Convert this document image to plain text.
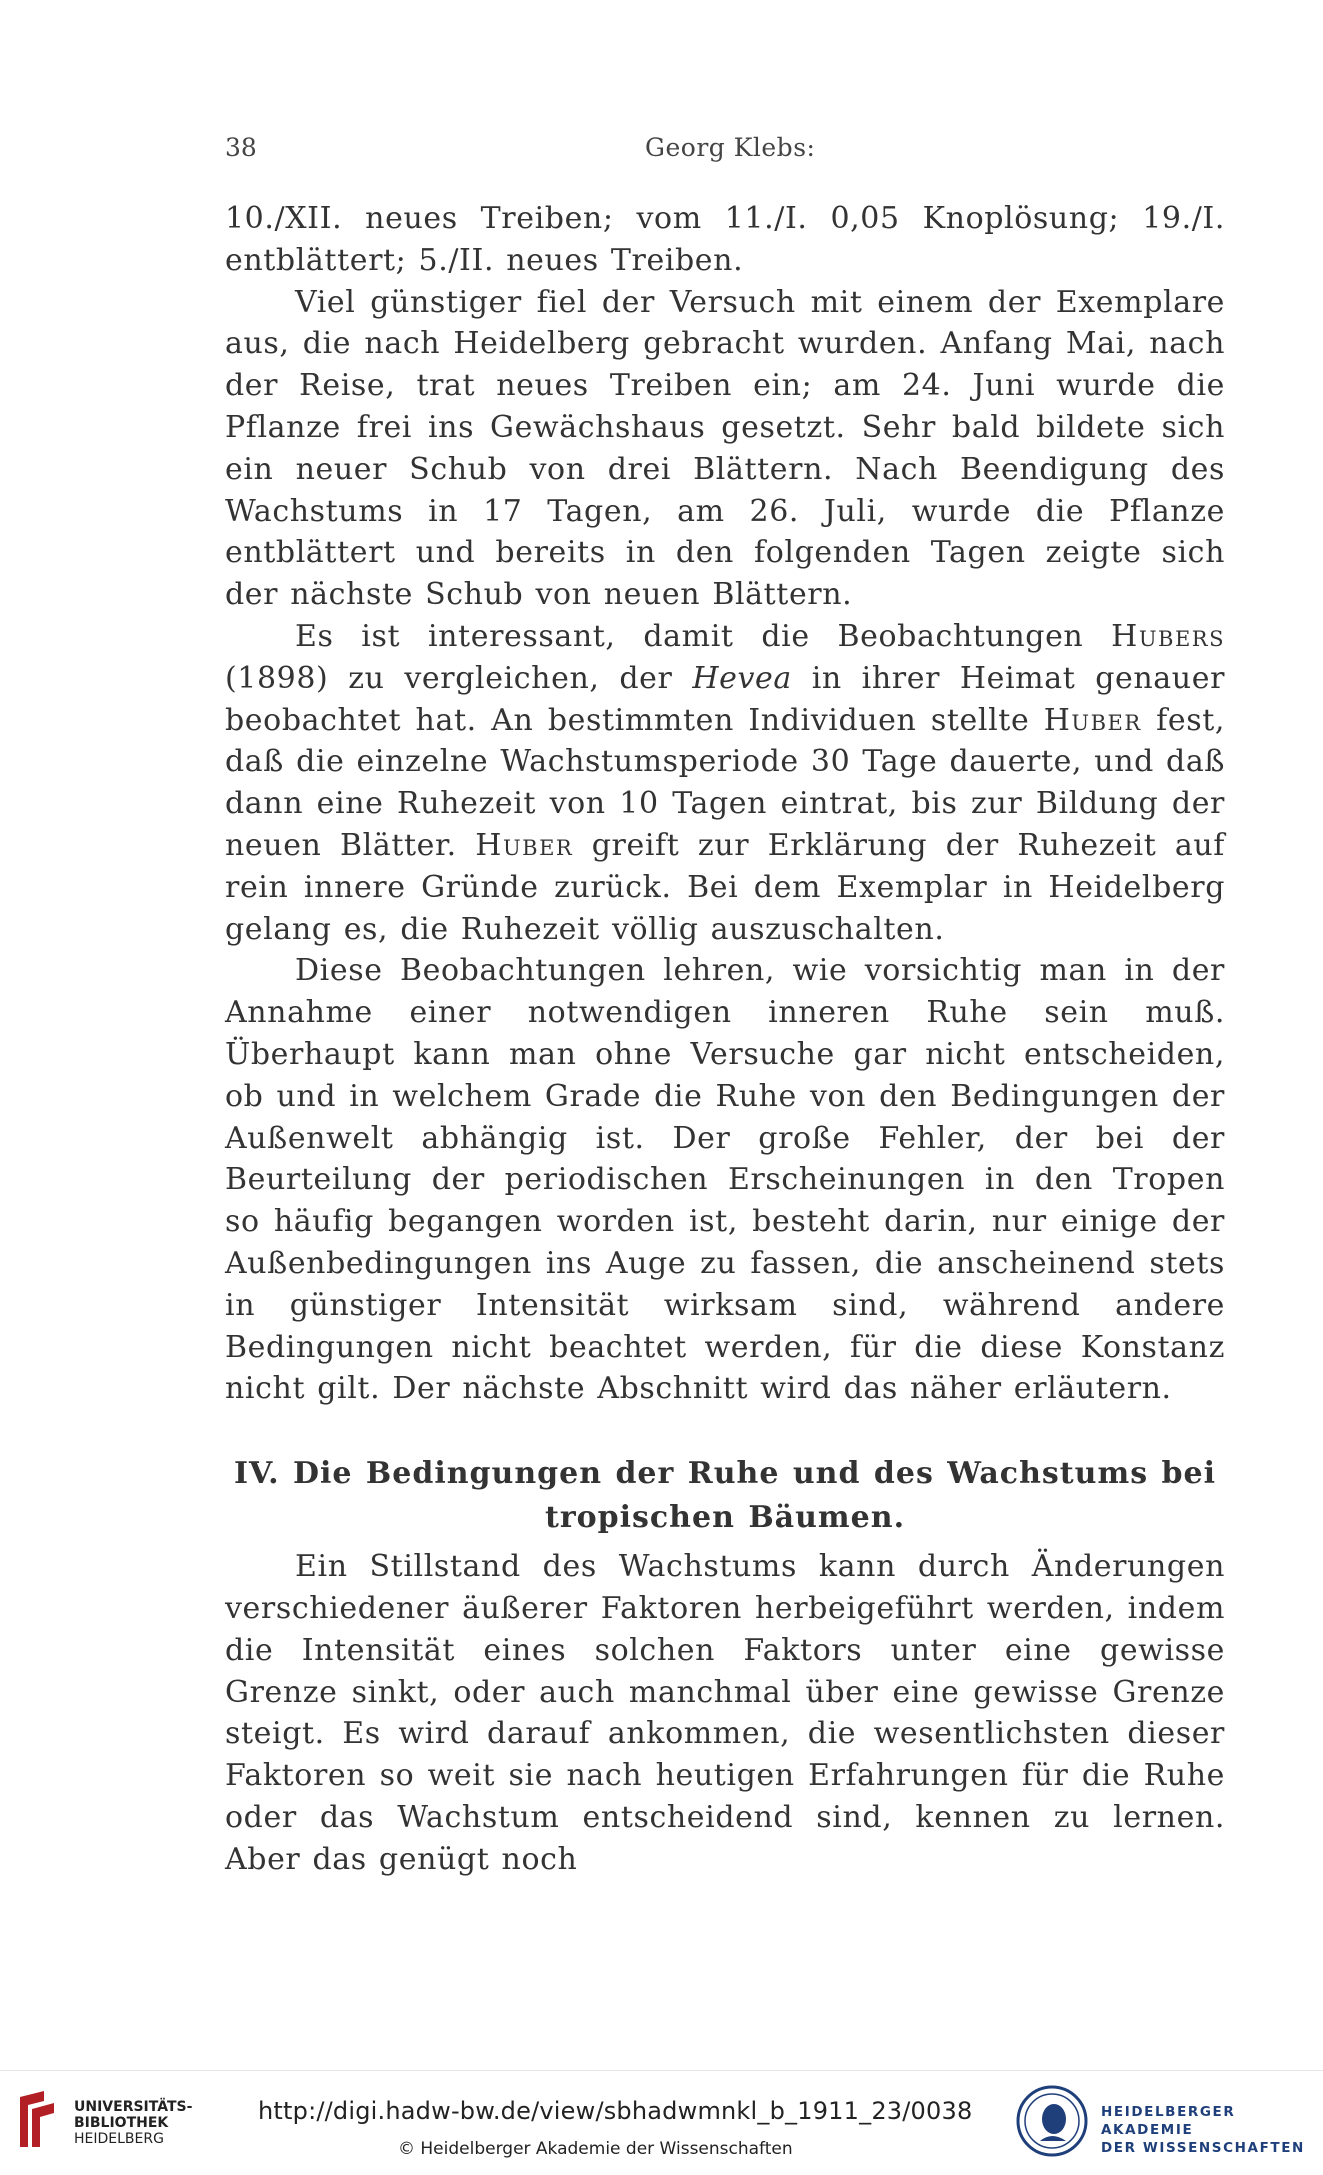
38	Georg Klebs:

10./XII. neues Treiben; vom 11./I. 0,05 Knoplösung; 19./I. entblättert; 5./II. neues Treiben.

Viel günstiger fiel der Versuch mit einem der Exemplare aus, die nach Heidelberg gebracht wurden. Anfang Mai, nach der Reise, trat neues Treiben ein; am 24. Juni wurde die Pflanze frei ins Gewächshaus gesetzt. Sehr bald bildete sich ein neuer Schub von drei Blättern. Nach Beendigung des Wachstums in 17 Tagen, am 26. Juli, wurde die Pflanze entblättert und bereits in den folgenden Tagen zeigte sich der nächste Schub von neuen Blättern.

Es ist interessant, damit die Beobachtungen Hubers (1898) zu vergleichen, der Hevea in ihrer Heimat genauer beobachtet hat. An bestimmten Individuen stellte Huber fest, daß die einzelne Wachstumsperiode 30 Tage dauerte, und daß dann eine Ruhezeit von 10 Tagen eintrat, bis zur Bildung der neuen Blätter. Huber greift zur Erklärung der Ruhezeit auf rein innere Gründe zurück. Bei dem Exemplar in Heidelberg gelang es, die Ruhezeit völlig auszuschalten.

Diese Beobachtungen lehren, wie vorsichtig man in der Annahme einer notwendigen inneren Ruhe sein muß. Überhaupt kann man ohne Versuche gar nicht entscheiden, ob und in welchem Grade die Ruhe von den Bedingungen der Außenwelt abhängig ist. Der große Fehler, der bei der Beurteilung der periodischen Erscheinungen in den Tropen so häufig begangen worden ist, besteht darin, nur einige der Außenbedingungen ins Auge zu fassen, die anscheinend stets in günstiger Intensität wirksam sind, während andere Bedingungen nicht beachtet werden, für die diese Konstanz nicht gilt. Der nächste Abschnitt wird das näher erläutern.

IV. Die Bedingungen der Ruhe und des Wachstums bei
tropischen Bäumen.

Ein Stillstand des Wachstums kann durch Änderungen verschiedener äußerer Faktoren herbeigeführt werden, indem die Intensität eines solchen Faktors unter eine gewisse Grenze sinkt, oder auch manchmal über eine gewisse Grenze steigt. Es wird darauf ankommen, die wesentlichsten dieser Faktoren so weit sie nach heutigen Erfahrungen für die Ruhe oder das Wachstum entscheidend sind, kennen zu lernen. Aber das genügt noch

UNIVERSITÄTS-
BIBLIOTHEK
HEIDELBERG
http://digi.hadw-bw.de/view/sbhadwmnkl_b_1911_23/0038
© Heidelberger Akademie der Wissenschaften
HEIDELBERGER AKADEMIE
DER WISSENSCHAFTEN
